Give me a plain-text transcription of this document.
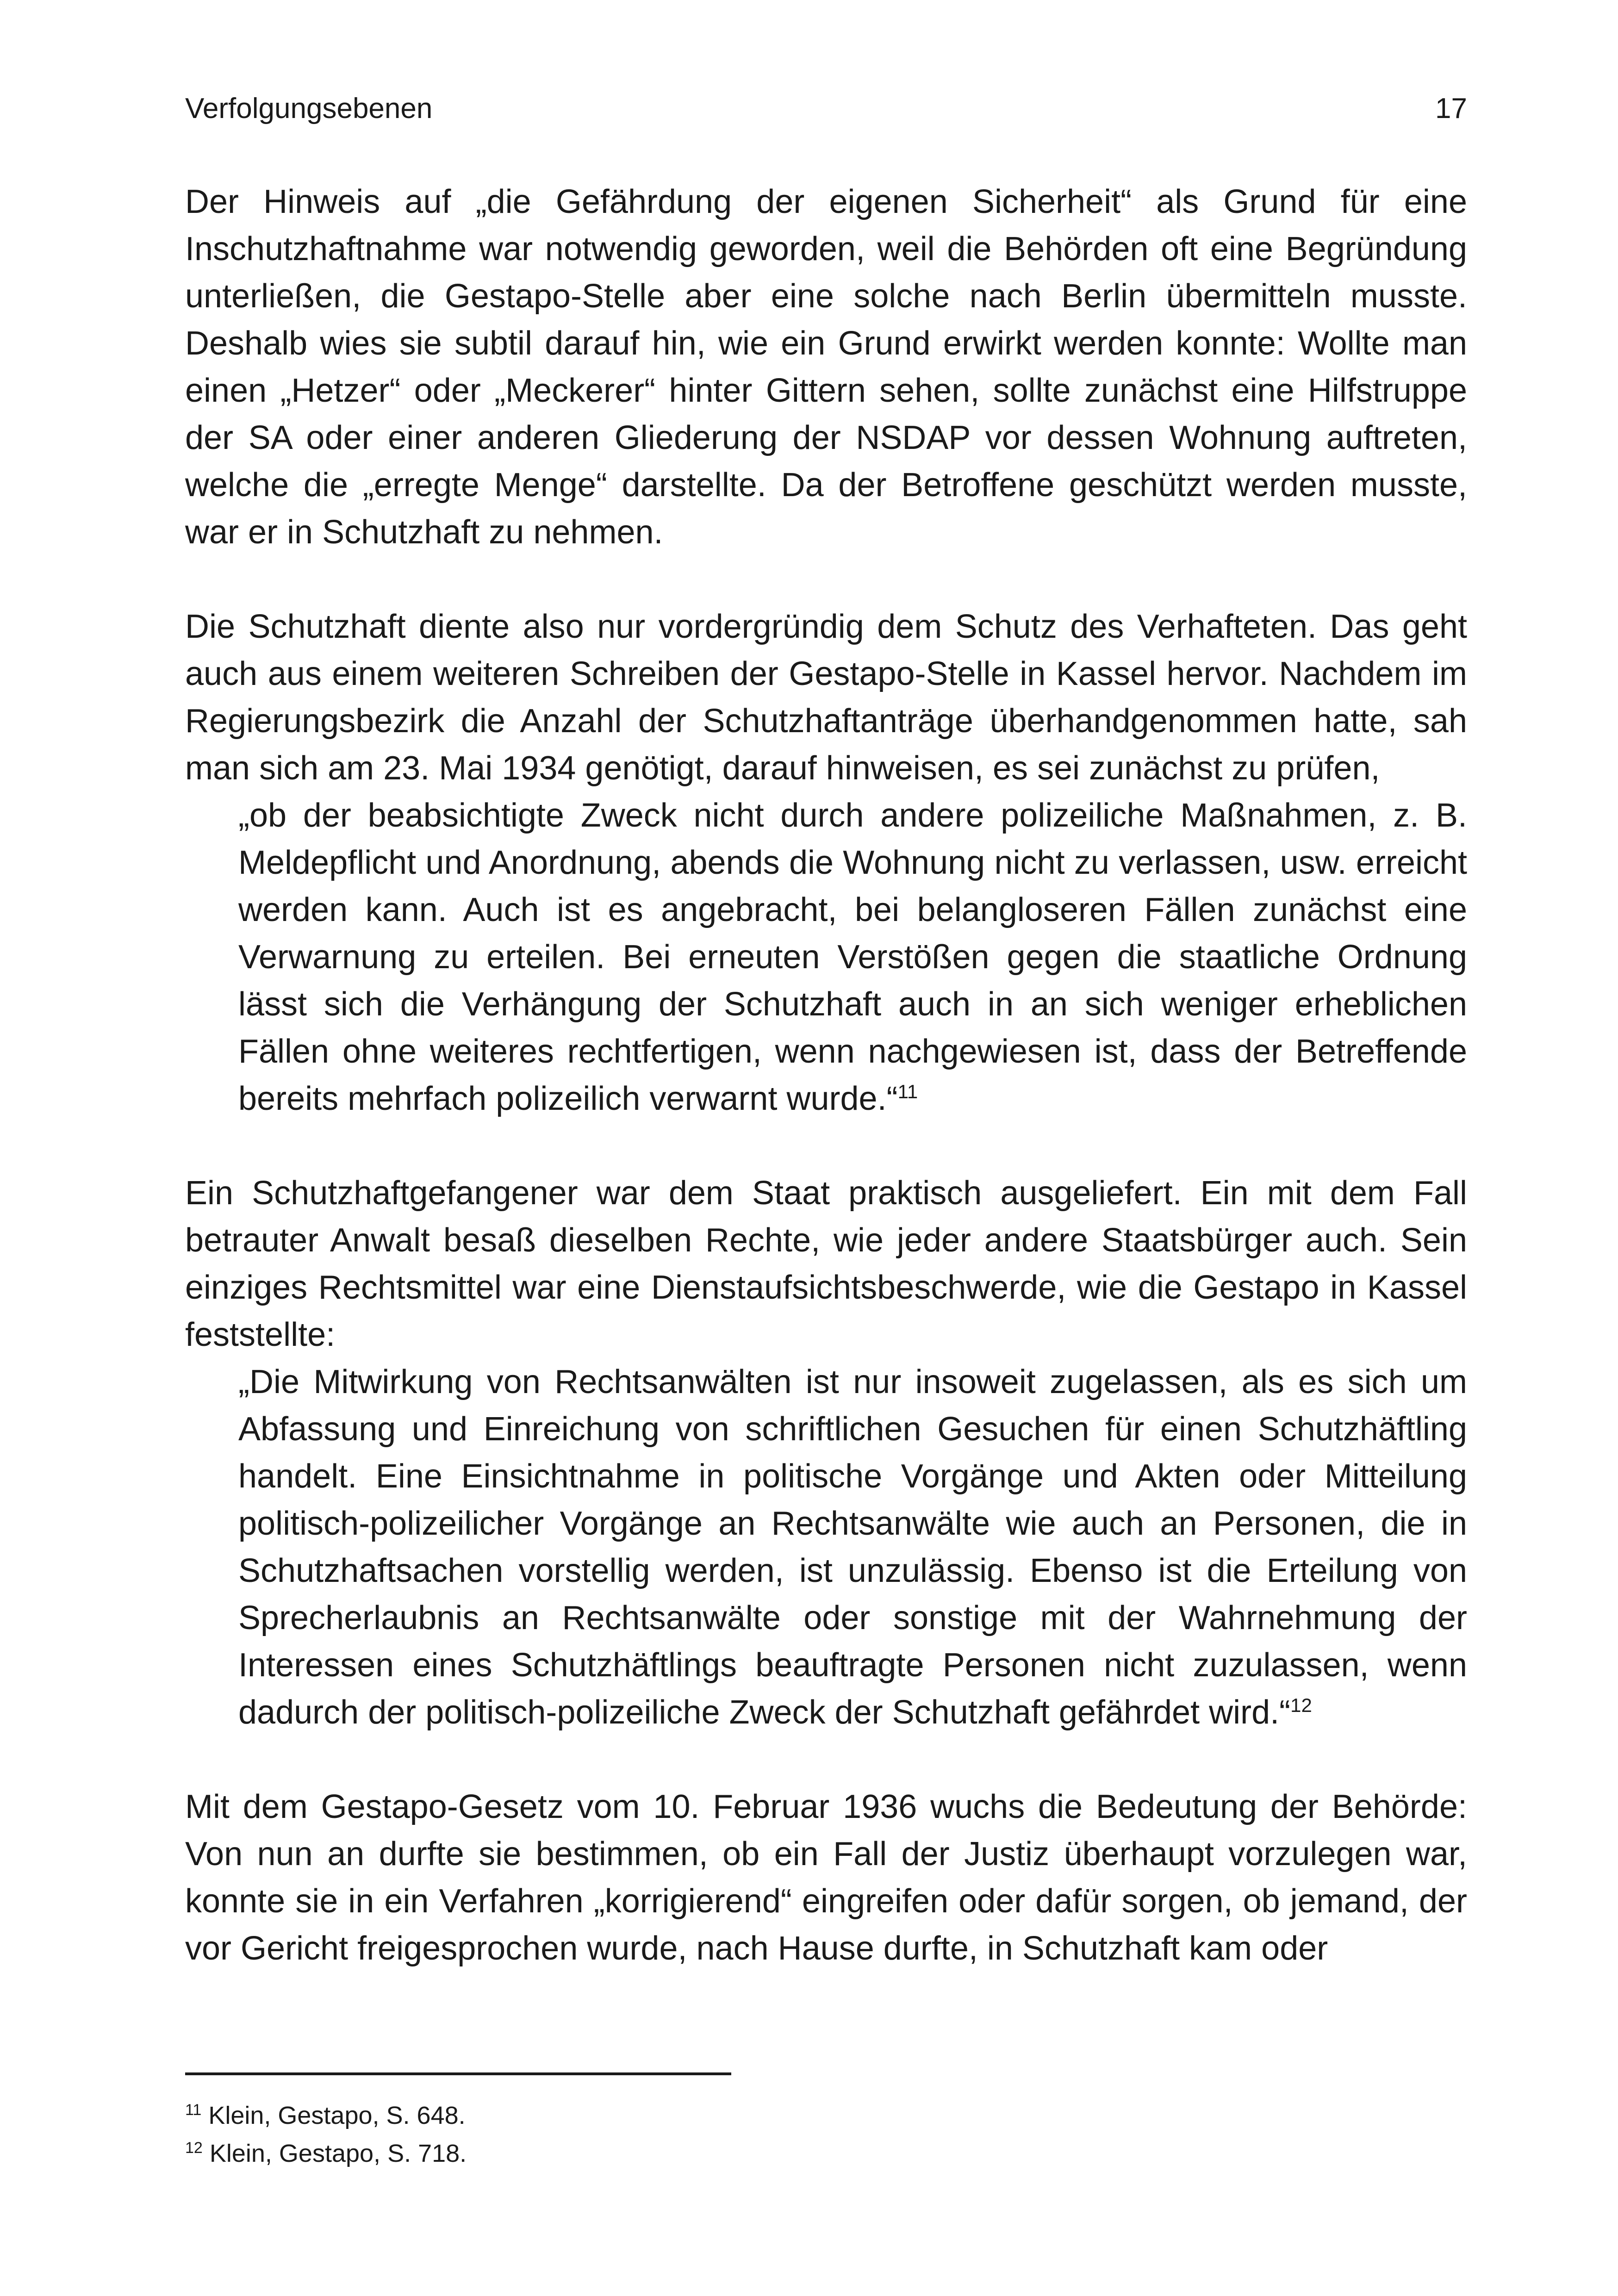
Verfolgungsebenen	17

Der Hinweis auf „die Gefährdung der eigenen Sicherheit“ als Grund für eine Inschutzhaftnahme war notwendig geworden, weil die Behörden oft eine Begründung unterließen, die Gestapo-Stelle aber eine solche nach Berlin übermitteln musste. Deshalb wies sie subtil darauf hin, wie ein Grund erwirkt werden konnte: Wollte man einen „Hetzer“ oder „Meckerer“ hinter Gittern sehen, sollte zunächst eine Hilfstruppe der SA oder einer anderen Gliederung der NSDAP vor dessen Wohnung auftreten, welche die „erregte Menge“ darstellte. Da der Betroffene geschützt werden musste, war er in Schutzhaft zu nehmen.

Die Schutzhaft diente also nur vordergründig dem Schutz des Verhafteten. Das geht auch aus einem weiteren Schreiben der Gestapo-Stelle in Kassel hervor. Nachdem im Regierungsbezirk die Anzahl der Schutzhaftanträge überhandgenommen hatte, sah man sich am 23. Mai 1934 genötigt, darauf hinweisen, es sei zunächst zu prüfen,

„ob der beabsichtigte Zweck nicht durch andere polizeiliche Maßnahmen, z. B. Meldepflicht und Anordnung, abends die Wohnung nicht zu verlassen, usw. erreicht werden kann. Auch ist es angebracht, bei belangloseren Fällen zunächst eine Verwarnung zu erteilen. Bei erneuten Verstößen gegen die staatliche Ordnung lässt sich die Verhängung der Schutzhaft auch in an sich weniger erheblichen Fällen ohne weiteres rechtfertigen, wenn nachgewiesen ist, dass der Betreffende bereits mehrfach polizeilich verwarnt wurde.“$^{11}$

Ein Schutzhaftgefangener war dem Staat praktisch ausgeliefert. Ein mit dem Fall betrauter Anwalt besaß dieselben Rechte, wie jeder andere Staatsbürger auch. Sein einziges Rechtsmittel war eine Dienstaufsichtsbeschwerde, wie die Gestapo in Kassel feststellte:

„Die Mitwirkung von Rechtsanwälten ist nur insoweit zugelassen, als es sich um Abfassung und Einreichung von schriftlichen Gesuchen für einen Schutzhäftling handelt. Eine Einsichtnahme in politische Vorgänge und Akten oder Mitteilung politisch-polizeilicher Vorgänge an Rechtsanwälte wie auch an Personen, die in Schutzhaftsachen vorstellig werden, ist unzulässig. Ebenso ist die Erteilung von Sprecherlaubnis an Rechtsanwälte oder sonstige mit der Wahrnehmung der Interessen eines Schutzhäftlings beauftragte Personen nicht zuzulassen, wenn dadurch der politisch-polizeiliche Zweck der Schutzhaft gefährdet wird.“$^{12}$

Mit dem Gestapo-Gesetz vom 10. Februar 1936 wuchs die Bedeutung der Behörde: Von nun an durfte sie bestimmen, ob ein Fall der Justiz überhaupt vorzulegen war, konnte sie in ein Verfahren „korrigierend“ eingreifen oder dafür sorgen, ob jemand, der vor Gericht freigesprochen wurde, nach Hause durfte, in Schutzhaft kam oder

$^{11}$ Klein, Gestapo, S. 648.

$^{12}$ Klein, Gestapo, S. 718.
